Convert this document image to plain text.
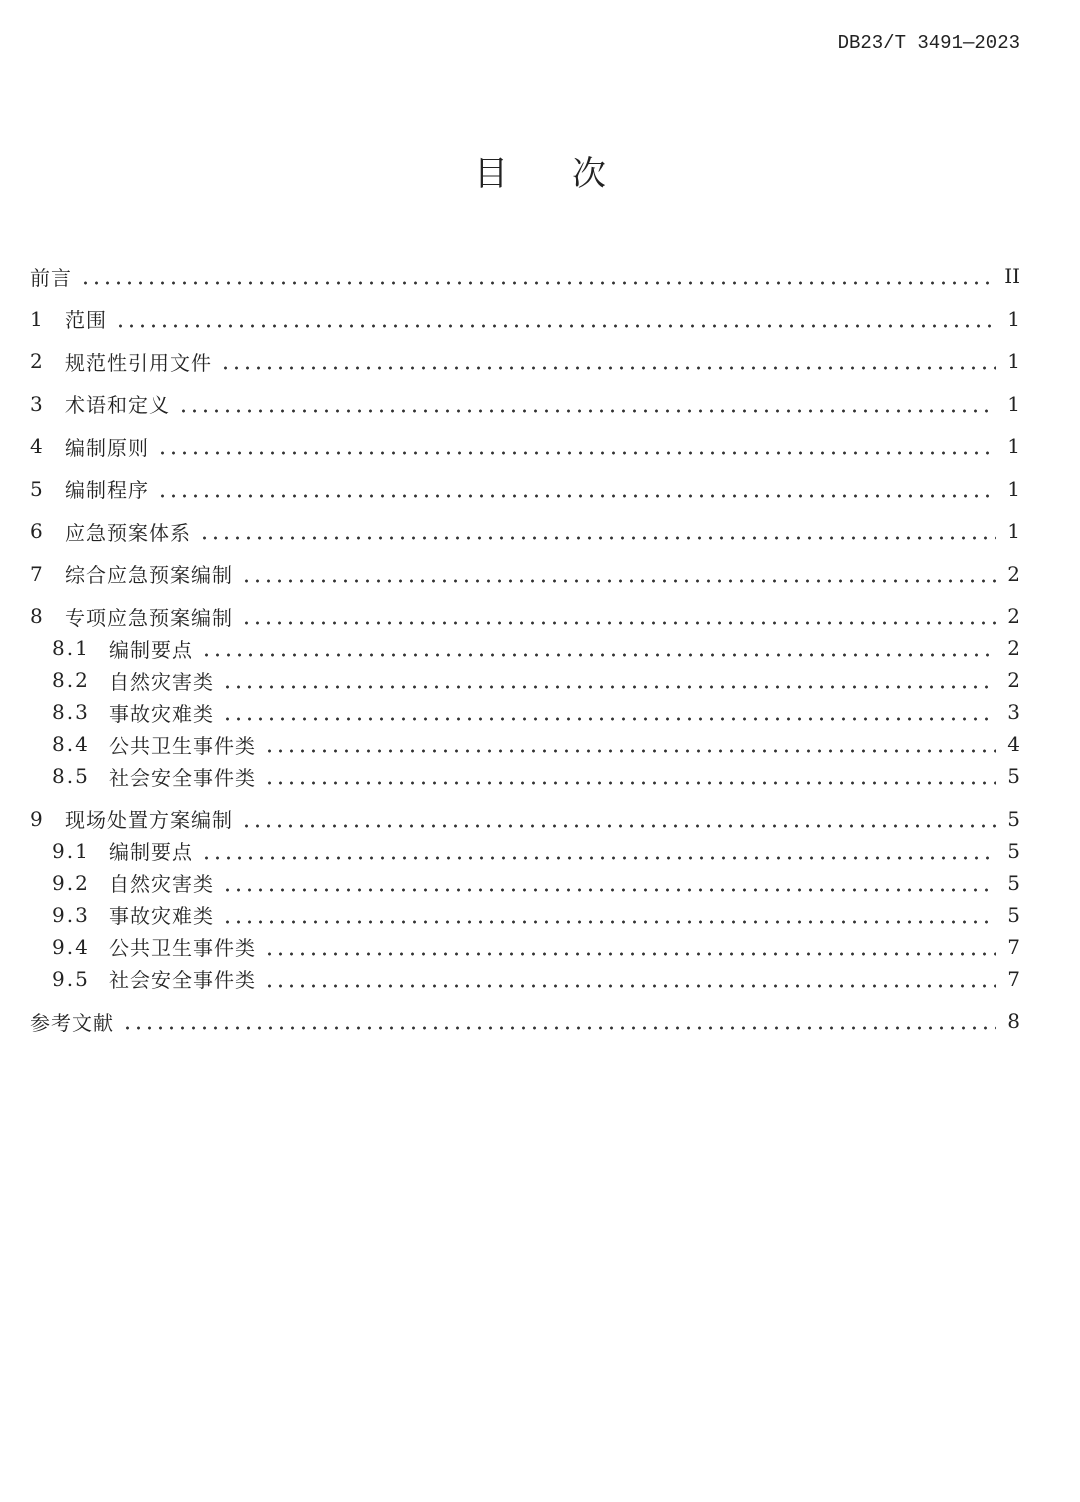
DB23/T 3491—2023
目 次
前言	II
1	范围	1
2	规范性引用文件	1
3	术语和定义	1
4	编制原则	1
5	编制程序	1
6	应急预案体系	1
7	综合应急预案编制	2
8	专项应急预案编制	2
8.1 编制要点	2
8.2 自然灾害类	2
8.3 事故灾难类	3
8.4 公共卫生事件类	4
8.5 社会安全事件类	5
9	现场处置方案编制	5
9.1 编制要点	5
9.2 自然灾害类	5
9.3 事故灾难类	5
9.4 公共卫生事件类	7
9.5 社会安全事件类	7
参考文献	8
